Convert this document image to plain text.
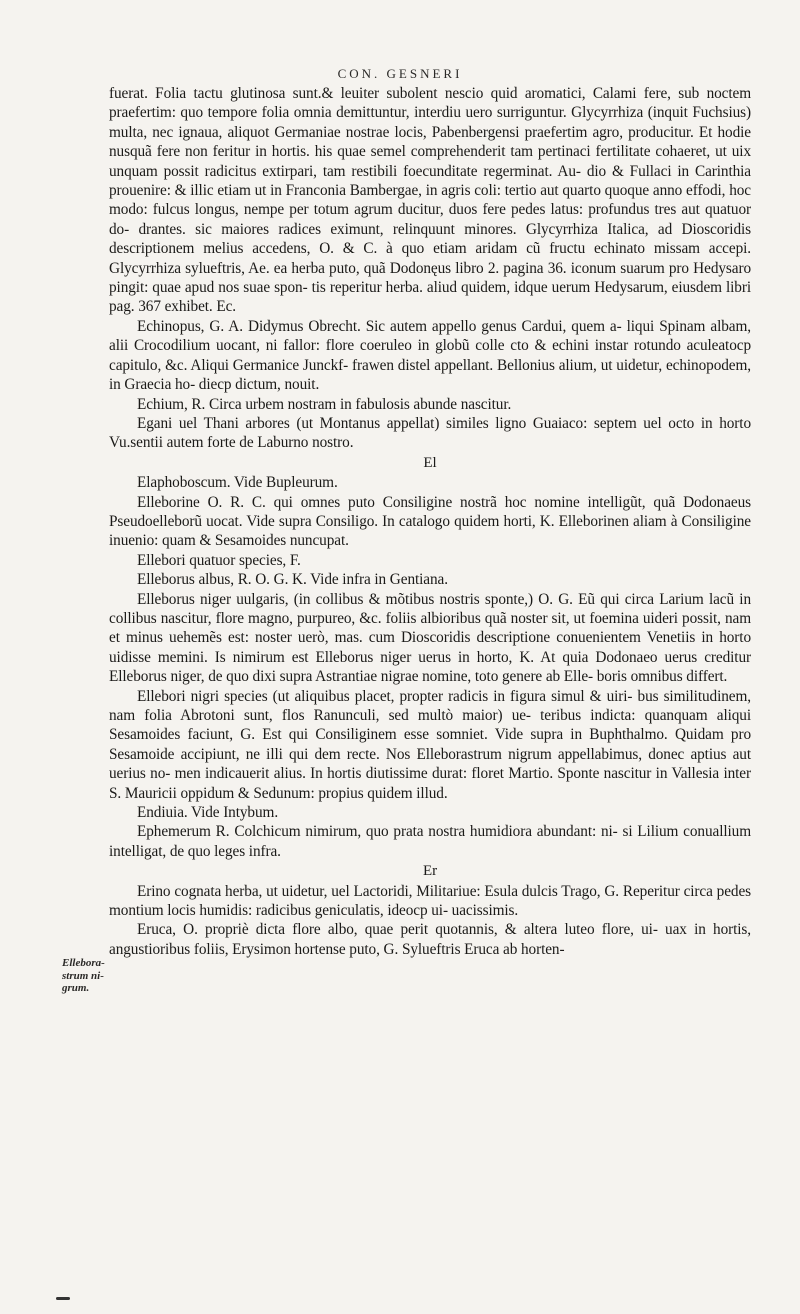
CON. GESNERI
Ellebora-
strum ni-
grum.

fuerat. Folia tactu glutinosa sunt.& leuiter subolent nescio quid aromatici, Calami fere, sub noctem praefertim: quo tempore folia omnia demittuntur, interdiu uero surriguntur. Glycyrrhiza (inquit Fuchsius) multa, nec ignaua, aliquot Germaniae nostrae locis, Pabenbergensi praefertim agro, producitur. Et hodie nusquã fere non feritur in hortis. his quae semel comprehenderit tam pertinaci fertilitate cohaeret, ut uix unquam possit radicitus extirpari, tam restibili foecunditate regerminat. Au- dio & Fullaci in Carinthia prouenire: & illic etiam ut in Franconia Bambergae, in agris coli: tertio aut quarto quoque anno effodi, hoc modo: fulcus longus, nempe per totum agrum ducitur, duos fere pedes latus: profundus tres aut quatuor do- drantes. sic maiores radices eximunt, relinquunt minores. Glycyrrhiza Italica, ad Dioscoridis descriptionem melius accedens, O. & C. à quo etiam aridam cũ fructu echinato missam accepi. Glycyrrhiza sylueftris, Ae. ea herba puto, quã Dodonęus libro 2. pagina 36. iconum suarum pro Hedysaro pingit: quae apud nos suae spon- tis reperitur herba. aliud quidem, idque uerum Hedysarum, eiusdem libri pag. 367 exhibet. Ec.

Echinopus, G. A. Didymus Obrecht. Sic autem appello genus Cardui, quem a- liqui Spinam albam, alii Crocodilium uocant, ni fallor: flore coeruleo in globũ colle cto & echini instar rotundo aculeatocp capitulo, &c. Aliqui Germanice Junckf- frawen distel appellant. Bellonius alium, ut uidetur, echinopodem, in Graecia ho- diecp dictum, nouit.

Echium, R. Circa urbem nostram in fabulosis abunde nascitur.

Egani uel Thani arbores (ut Montanus appellat) similes ligno Guaiaco: septem uel octo in horto Vu.sentii autem forte de Laburno nostro.

El

Elaphoboscum. Vide Bupleurum.

Elleborine O. R. C. qui omnes puto Consiligine nostrã hoc nomine intelligũt, quã Dodonaeus Pseudoelleborũ uocat. Vide supra Consiligo. In catalogo quidem horti, K. Elleborinen aliam à Consiligine inuenio: quam & Sesamoides nuncupat.

Ellebori quatuor species, F.

Elleborus albus, R. O. G. K. Vide infra in Gentiana.

Elleborus niger uulgaris, (in collibus & mõtibus nostris sponte,) O. G. Eũ qui circa Larium lacũ in collibus nascitur, flore magno, purpureo, &c. foliis albioribus quã noster sit, ut foemina uideri possit, nam et minus uehemẽs est: noster uerò, mas. cum Dioscoridis descriptione conuenientem Venetiis in horto uidisse memini. Is nimirum est Elleborus niger uerus in horto, K. At quia Dodonaeo uerus creditur Elleborus niger, de quo dixi supra Astrantiae nigrae nomine, toto genere ab Elle- boris omnibus differt.

Ellebori nigri species (ut aliquibus placet, propter radicis in figura simul & uiri- bus similitudinem, nam folia Abrotoni sunt, flos Ranunculi, sed multò maior) ue- teribus indicta: quanquam aliqui Sesamoides faciunt, G. Est qui Consiliginem esse somniet. Vide supra in Buphthalmo. Quidam pro Sesamoide accipiunt, ne illi qui dem recte. Nos Elleborastrum nigrum appellabimus, donec aptius aut uerius no- men indicauerit alius. In hortis diutissime durat: floret Martio. Sponte nascitur in Vallesia inter S. Mauricii oppidum & Sedunum: propius quidem illud.

Endiuia. Vide Intybum.

Ephemerum R. Colchicum nimirum, quo prata nostra humidiora abundant: ni- si Lilium conuallium intelligat, de quo leges infra.

Er

Erino cognata herba, ut uidetur, uel Lactoridi, Militariue: Esula dulcis Trago, G. Reperitur circa pedes montium locis humidis: radicibus geniculatis, ideocp ui- uacissimis.

Eruca, O. propriè dicta flore albo, quae perit quotannis, & altera luteo flore, ui- uax in hortis, angustioribus foliis, Erysimon hortense puto, G. Sylueftris Eruca ab horten-
